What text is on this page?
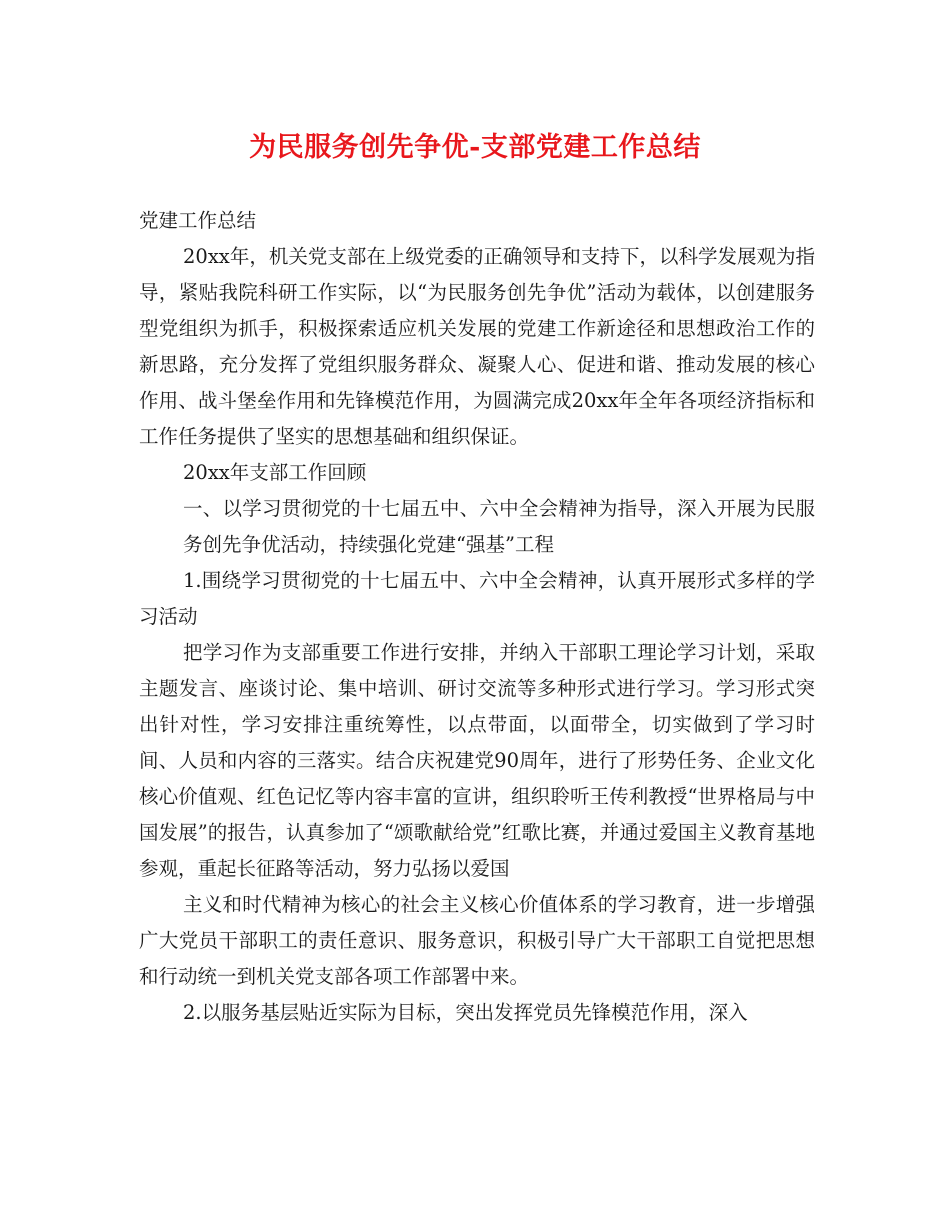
为民服务创先争优-支部党建工作总结

党建工作总结

20xx年，机关党支部在上级党委的正确领导和支持下，以科学发展观为指导，紧贴我院科研工作实际，以“为民服务创先争优”活动为载体，以创建服务型党组织为抓手，积极探索适应机关发展的党建工作新途径和思想政治工作的新思路，充分发挥了党组织服务群众、凝聚人心、促进和谐、推动发展的核心作用、战斗堡垒作用和先锋模范作用，为圆满完成20xx年全年各项经济指标和工作任务提供了坚实的思想基础和组织保证。

20xx年支部工作回顾

一、以学习贯彻党的十七届五中、六中全会精神为指导，深入开展为民服务创先争优活动，持续强化党建“强基”工程

1.围绕学习贯彻党的十七届五中、六中全会精神，认真开展形式多样的学习活动

把学习作为支部重要工作进行安排，并纳入干部职工理论学习计划，采取主题发言、座谈讨论、集中培训、研讨交流等多种形式进行学习。学习形式突出针对性，学习安排注重统筹性，以点带面，以面带全，切实做到了学习时间、人员和内容的三落实。结合庆祝建党90周年，进行了形势任务、企业文化核心价值观、红色记忆等内容丰富的宣讲，组织聆听王传利教授“世界格局与中国发展”的报告，认真参加了“颂歌献给党”红歌比赛，并通过爱国主义教育基地参观，重起长征路等活动，努力弘扬以爱国

主义和时代精神为核心的社会主义核心价值体系的学习教育，进一步增强广大党员干部职工的责任意识、服务意识，积极引导广大干部职工自觉把思想和行动统一到机关党支部各项工作部署中来。

2.以服务基层贴近实际为目标，突出发挥党员先锋模范作用，深入
